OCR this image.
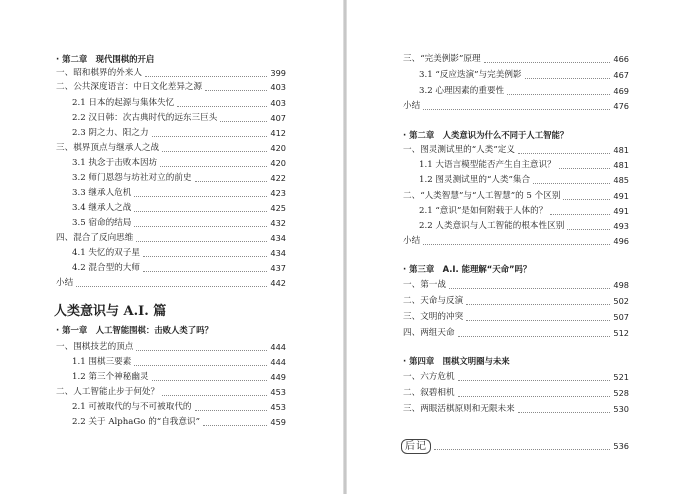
· 第二章　现代围棋的开启
一、昭和棋界的外来人	399
二、公共深度语言：中日文化差异之源	403
2.1 日本的起源与集体失忆	403
2.2 汉日韩：次古典时代的远东三巨头	407
2.3 阴之力、阳之力	412
三、棋界顶点与继承人之战	420
3.1 执念于击败本因坊	420
3.2 师门恩怨与坊社对立的前史	422
3.3 继承人危机	423
3.4 继承人之战	425
3.5 宿命的结局	432
四、混合了反向思维	434
4.1 失忆的双子星	434
4.2 混合型的大师	437
小结	442
人类意识与 A.I. 篇
· 第一章　人工智能围棋：击败人类了吗？
一、围棋技艺的顶点	444
1.1 围棋三要素	444
1.2 第三个神秘幽灵	449
二、人工智能止步于何处？	453
2.1 可被取代的与不可被取代的	453
2.2 关于 AlphaGo 的“自我意识”	459
三、“完美例影”原理	466
3.1 “反应迭演”与完美例影	467
3.2 心理因素的重要性	469
小结	476
· 第二章　人类意识为什么不同于人工智能？
一、图灵测试里的“人类”定义	481
1.1 大语言模型能否产生自主意识？	481
1.2 图灵测试里的“人类”集合	485
二、“人类智慧”与“人工智慧”的 5 个区别	491
2.1 “意识”是如何附载于人体的？	491
2.2 人类意识与人工智能的根本性区别	493
小结	496
· 第三章　A.I. 能理解“天命”吗？
一、第一战	498
二、天命与反演	502
三、文明的冲突	507
四、两组天命	512
· 第四章　围棋文明圈与未来
一、六方危机	521
二、叙碧相机	528
三、两眼活棋原则和无限未来	530
后记	536
